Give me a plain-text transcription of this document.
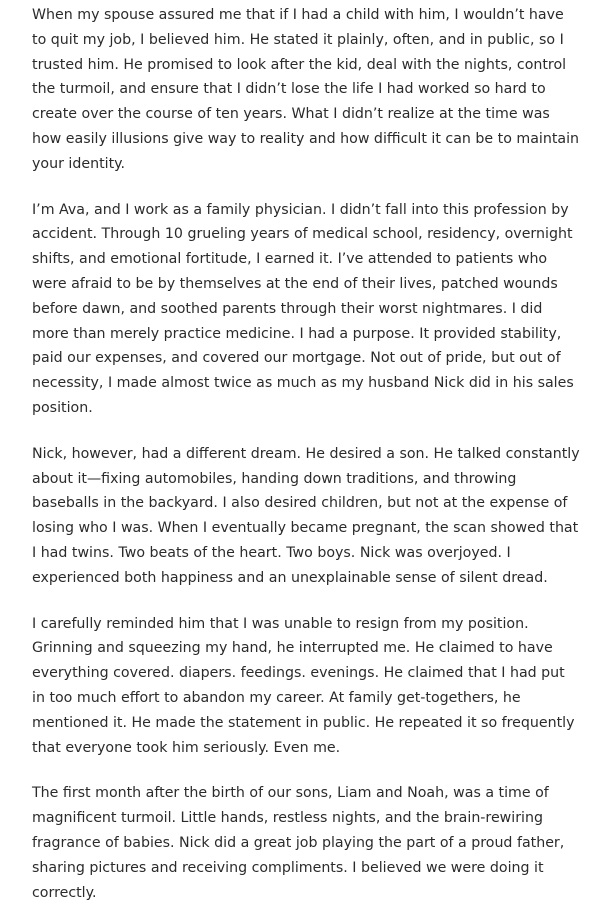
When my spouse assured me that if I had a child with him, I wouldn’t have to quit my job, I believed him. He stated it plainly, often, and in public, so I trusted him. He promised to look after the kid, deal with the nights, control the turmoil, and ensure that I didn’t lose the life I had worked so hard to create over the course of ten years. What I didn’t realize at the time was how easily illusions give way to reality and how difficult it can be to maintain your identity.

I’m Ava, and I work as a family physician. I didn’t fall into this profession by accident. Through 10 grueling years of medical school, residency, overnight shifts, and emotional fortitude, I earned it. I’ve attended to patients who were afraid to be by themselves at the end of their lives, patched wounds before dawn, and soothed parents through their worst nightmares. I did more than merely practice medicine. I had a purpose. It provided stability, paid our expenses, and covered our mortgage. Not out of pride, but out of necessity, I made almost twice as much as my husband Nick did in his sales position.

Nick, however, had a different dream. He desired a son. He talked constantly about it—fixing automobiles, handing down traditions, and throwing baseballs in the backyard. I also desired children, but not at the expense of losing who I was. When I eventually became pregnant, the scan showed that I had twins. Two beats of the heart. Two boys. Nick was overjoyed. I experienced both happiness and an unexplainable sense of silent dread.

I carefully reminded him that I was unable to resign from my position. Grinning and squeezing my hand, he interrupted me. He claimed to have everything covered. diapers. feedings. evenings. He claimed that I had put in too much effort to abandon my career. At family get-togethers, he mentioned it. He made the statement in public. He repeated it so frequently that everyone took him seriously. Even me.

The first month after the birth of our sons, Liam and Noah, was a time of magnificent turmoil. Little hands, restless nights, and the brain-rewiring fragrance of babies. Nick did a great job playing the part of a proud father, sharing pictures and receiving compliments. I believed we were doing it correctly.
